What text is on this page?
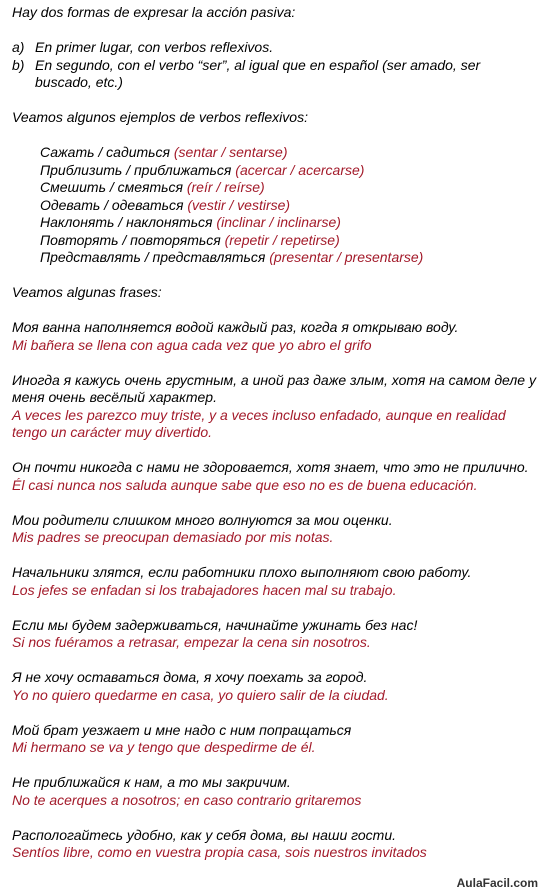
Hay dos formas de expresar la acción pasiva:
a) En primer lugar, con verbos reflexivos.
b) En segundo, con el verbo “ser”, al igual que en español (ser amado, ser buscado, etc.)
Veamos algunos ejemplos de verbos reflexivos:
Сажать / садиться (sentar / sentarse)
Приблизить / приближаться (acercar / acercarse)
Смешить / смеяться (reír / reírse)
Одевать / одеваться (vestir / vestirse)
Наклонять / наклоняться (inclinar / inclinarse)
Повторять / повторяться (repetir / repetirse)
Представлять / представляться (presentar / presentarse)
Veamos algunas frases:
Моя ванна наполняется водой каждый раз, когда я открываю воду.
Mi bañera se llena con agua cada vez que yo abro el grifo
Иногда я кажусь очень грустным, а иной раз даже злым, хотя на самом деле у меня очень весёлый характер.
A veces les parezco muy triste, y a veces incluso enfadado, aunque en realidad tengo un carácter muy divertido.
Он почти никогда с нами не здоровается, хотя знает, что это не прилично.
Él casi nunca nos saluda aunque sabe que eso no es de buena educación.
Мои родители слишком много волнуются за мои оценки.
Mis padres se preocupan demasiado por mis notas.
Начальники злятся, если работники плохо выполняют свою работу.
Los jefes se enfadan si los trabajadores hacen mal su trabajo.
Если мы будем задерживаться, начинайте ужинать без нас!
Si nos fuéramos a retrasar, empezar la cena sin nosotros.
Я не хочу оставаться дома, я хочу поехать за город.
Yo no quiero quedarme en casa, yo quiero salir de la ciudad.
Мой брат уезжает и мне надо с ним попращаться
Mi hermano se va y tengo que despedirme de él.
Не приближайся к нам, а то мы закричим.
No te acerques a nosotros; en caso contrario gritaremos
Распологайтесь удобно, как у себя дома, вы наши гости.
Sentíos libre, como en vuestra propia casa, sois nuestros invitados
AulaFacil.com
